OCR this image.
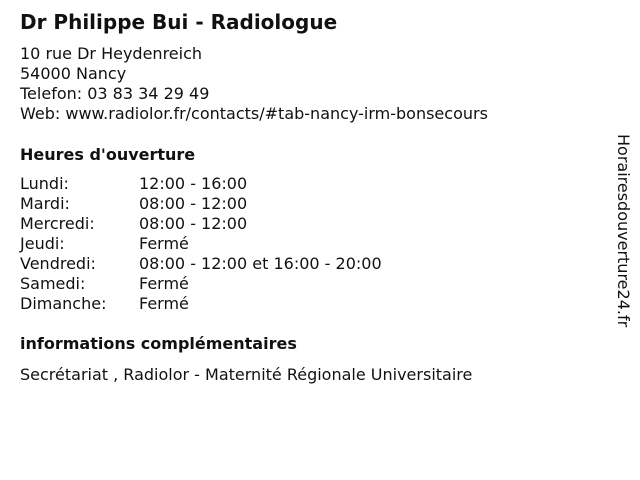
Dr Philippe Bui - Radiologue
10 rue Dr Heydenreich
54000 Nancy
Telefon: 03 83 34 29 49
Web: www.radiolor.fr/contacts/#tab-nancy-irm-bonsecours
Heures d'ouverture
Lundi:	12:00 - 16:00
Mardi:	08:00 - 12:00
Mercredi:	08:00 - 12:00
Jeudi:	Fermé
Vendredi:	08:00 - 12:00 et 16:00 - 20:00
Samedi:	Fermé
Dimanche:	Fermé
informations complémentaires
Secrétariat , Radiolor - Maternité Régionale Universitaire
Horairesdouverture24.fr
